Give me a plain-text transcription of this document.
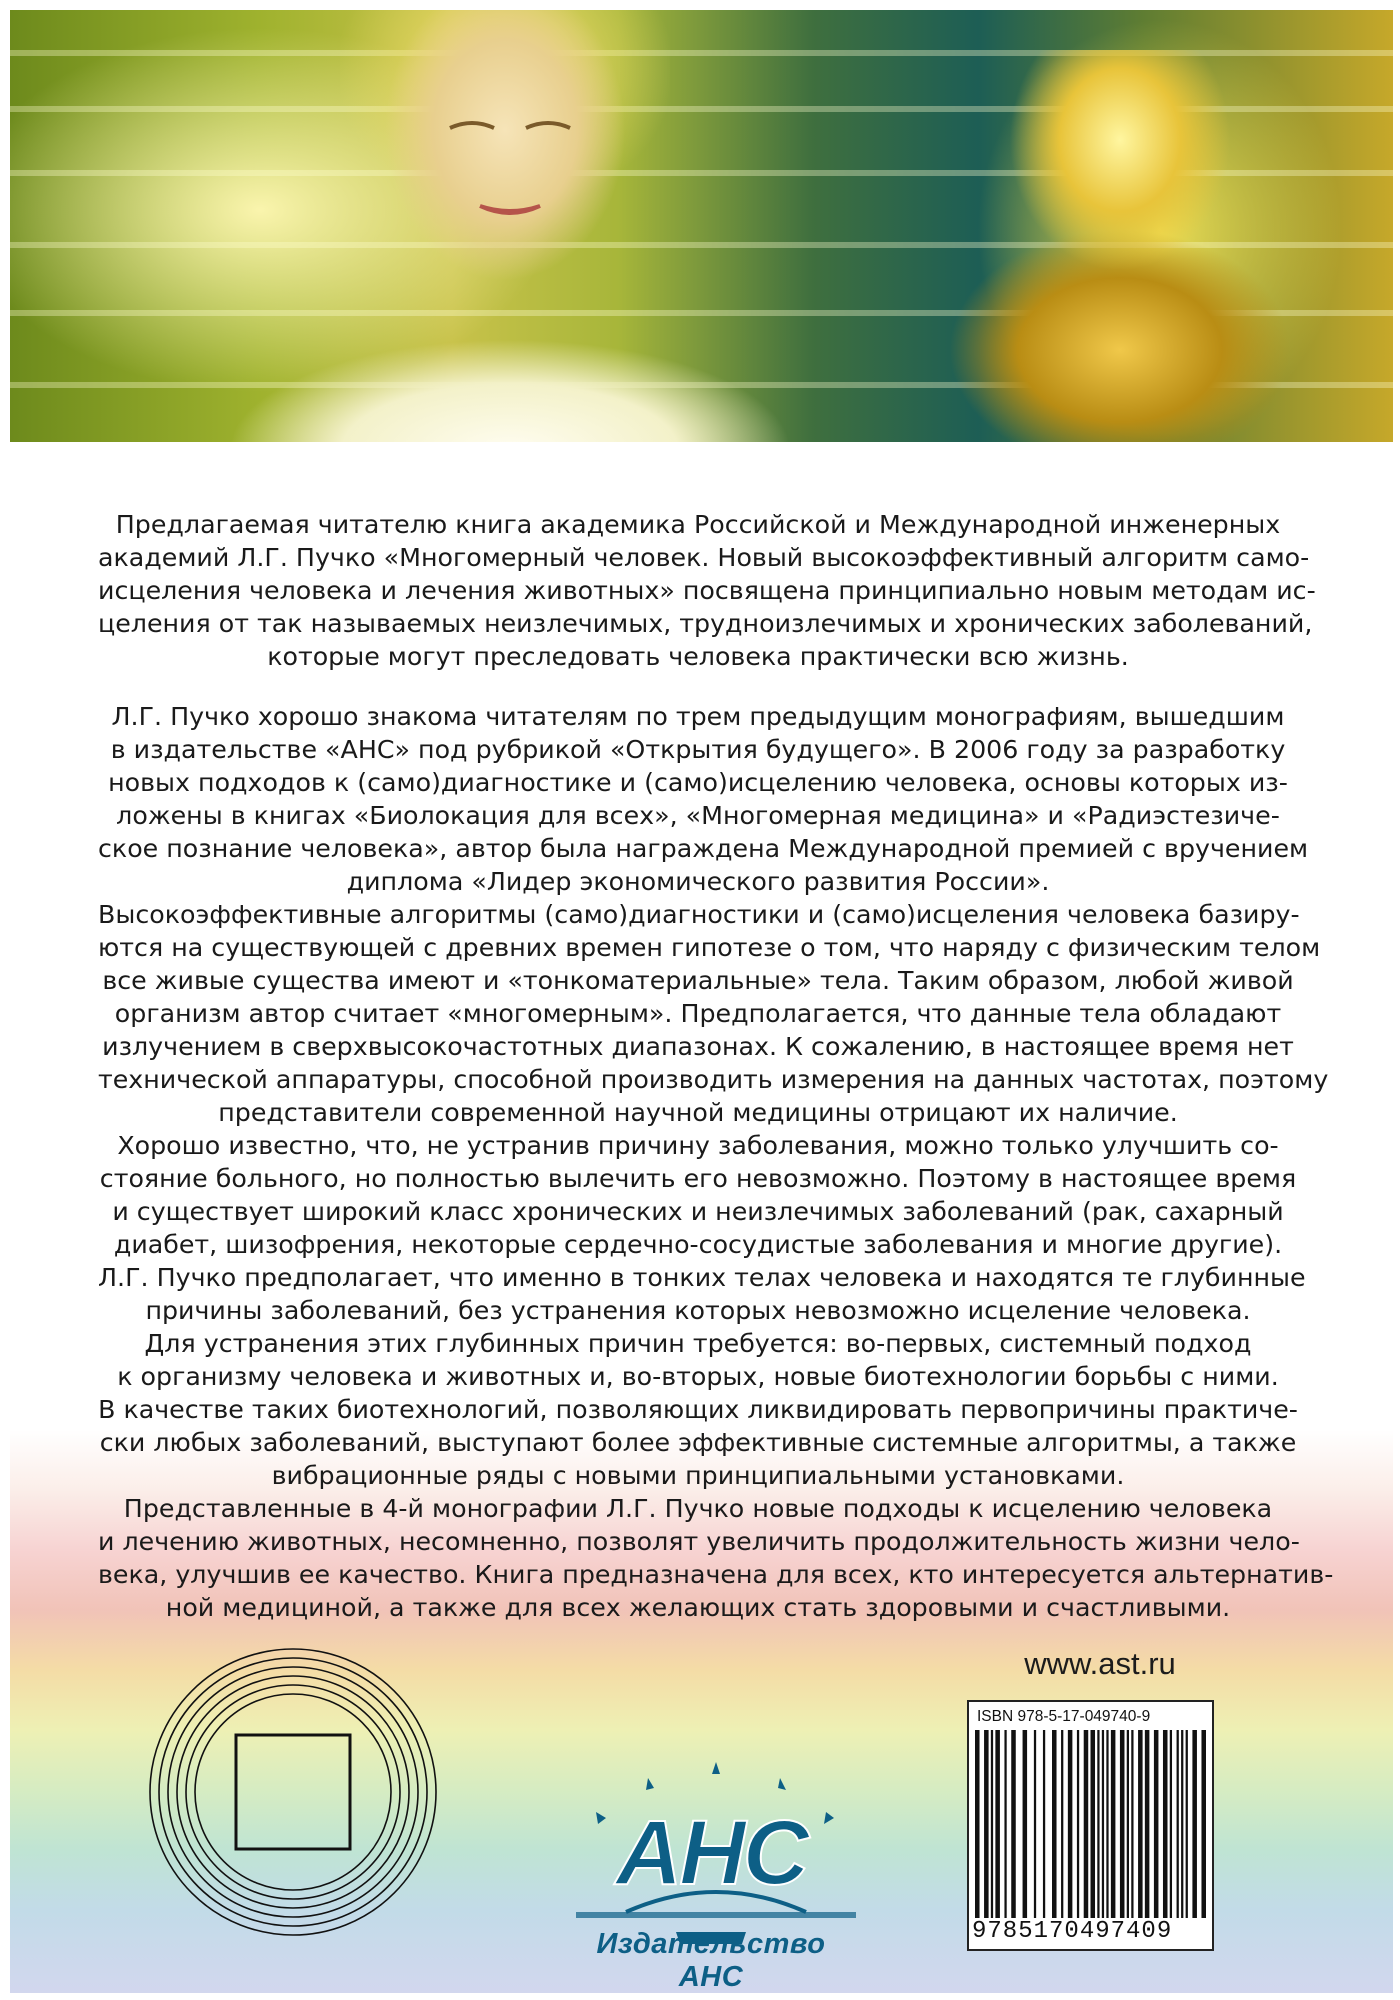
Предлагаемая читателю книга академика Российской и Международной инженерных
академий Л.Г. Пучко «Многомерный человек. Новый высокоэффективный алгоритм само-
исцеления человека и лечения животных» посвящена принципиально новым методам ис-
целения от так называемых неизлечимых, трудноизлечимых и хронических заболеваний,
которые могут преследовать человека практически всю жизнь.

Л.Г. Пучко хорошо знакома читателям по трем предыдущим монографиям, вышедшим
в издательстве «АНС» под рубрикой «Открытия будущего». В 2006 году за разработку
новых подходов к (само)диагностике и (само)исцелению человека, основы которых из-
ложены в книгах «Биолокация для всех», «Многомерная медицина» и «Радиэстезиче-
ское познание человека», автор была награждена Международной премией с вручением
диплома «Лидер экономического развития России».
Высокоэффективные алгоритмы (само)диагностики и (само)исцеления человека базиру-
ются на существующей с древних времен гипотезе о том, что наряду с физическим телом
все живые существа имеют и «тонкоматериальные» тела. Таким образом, любой живой
организм автор считает «многомерным». Предполагается, что данные тела обладают
излучением в сверхвысокочастотных диапазонах. К сожалению, в настоящее время нет
технической аппаратуры, способной производить измерения на данных частотах, поэтому
представители современной научной медицины отрицают их наличие.
Хорошо известно, что, не устранив причину заболевания, можно только улучшить со-
стояние больного, но полностью вылечить его невозможно. Поэтому в настоящее время
и существует широкий класс хронических и неизлечимых заболеваний (рак, сахарный
диабет, шизофрения, некоторые сердечно-сосудистые заболевания и многие другие).
Л.Г. Пучко предполагает, что именно в тонких телах человека и находятся те глубинные
причины заболеваний, без устранения которых невозможно исцеление человека.
Для устранения этих глубинных причин требуется: во-первых, системный подход
к организму человека и животных и, во-вторых, новые биотехнологии борьбы с ними.
В качестве таких биотехнологий, позволяющих ликвидировать первопричины практиче-
ски любых заболеваний, выступают более эффективные системные алгоритмы, а также
вибрационные ряды с новыми принципиальными установками.
Представленные в 4-й монографии Л.Г. Пучко новые подходы к исцелению человека
и лечению животных, несомненно, позволят увеличить продолжительность жизни чело-
века, улучшив ее качество. Книга предназначена для всех, кто интересуется альтернатив-
ной медициной, а также для всех желающих стать здоровыми и счастливыми.

www.ast.ru
ISBN 978-5-17-049740-9
9785170497409
АНС
Издательство АНС
